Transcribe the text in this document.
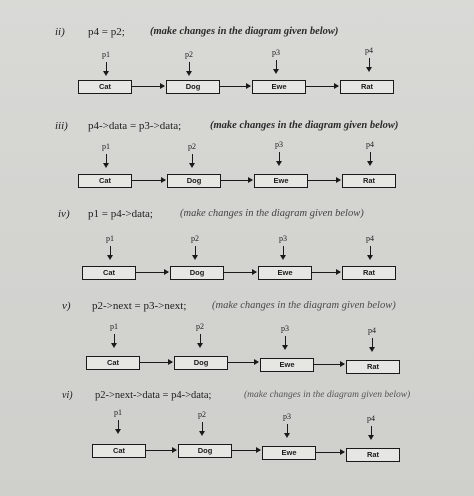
ii) p4 = p2; (make changes in the diagram given below)
p1	p2	p3	p4
Cat	Dog	Ewe	Rat
iii) p4->data = p3->data;	(make changes in the diagram given below)
p1	p2	p3	p4
Cat	Dog	Ewe	Rat
iv) p1 = p4->data;	(make changes in the diagram given below)
p1	p2	p3	p4
Cat	Dog	Ewe	Rat
v) p2->next = p3->next; (make changes in the diagram given below)
p1	p2	p3	p4
Cat	Dog	Ewe	Rat
vi) p2->next->data = p4->data;	(make changes in the diagram given below)
p1	p2	p3	p4
Cat	Dog	Ewe	Rat
